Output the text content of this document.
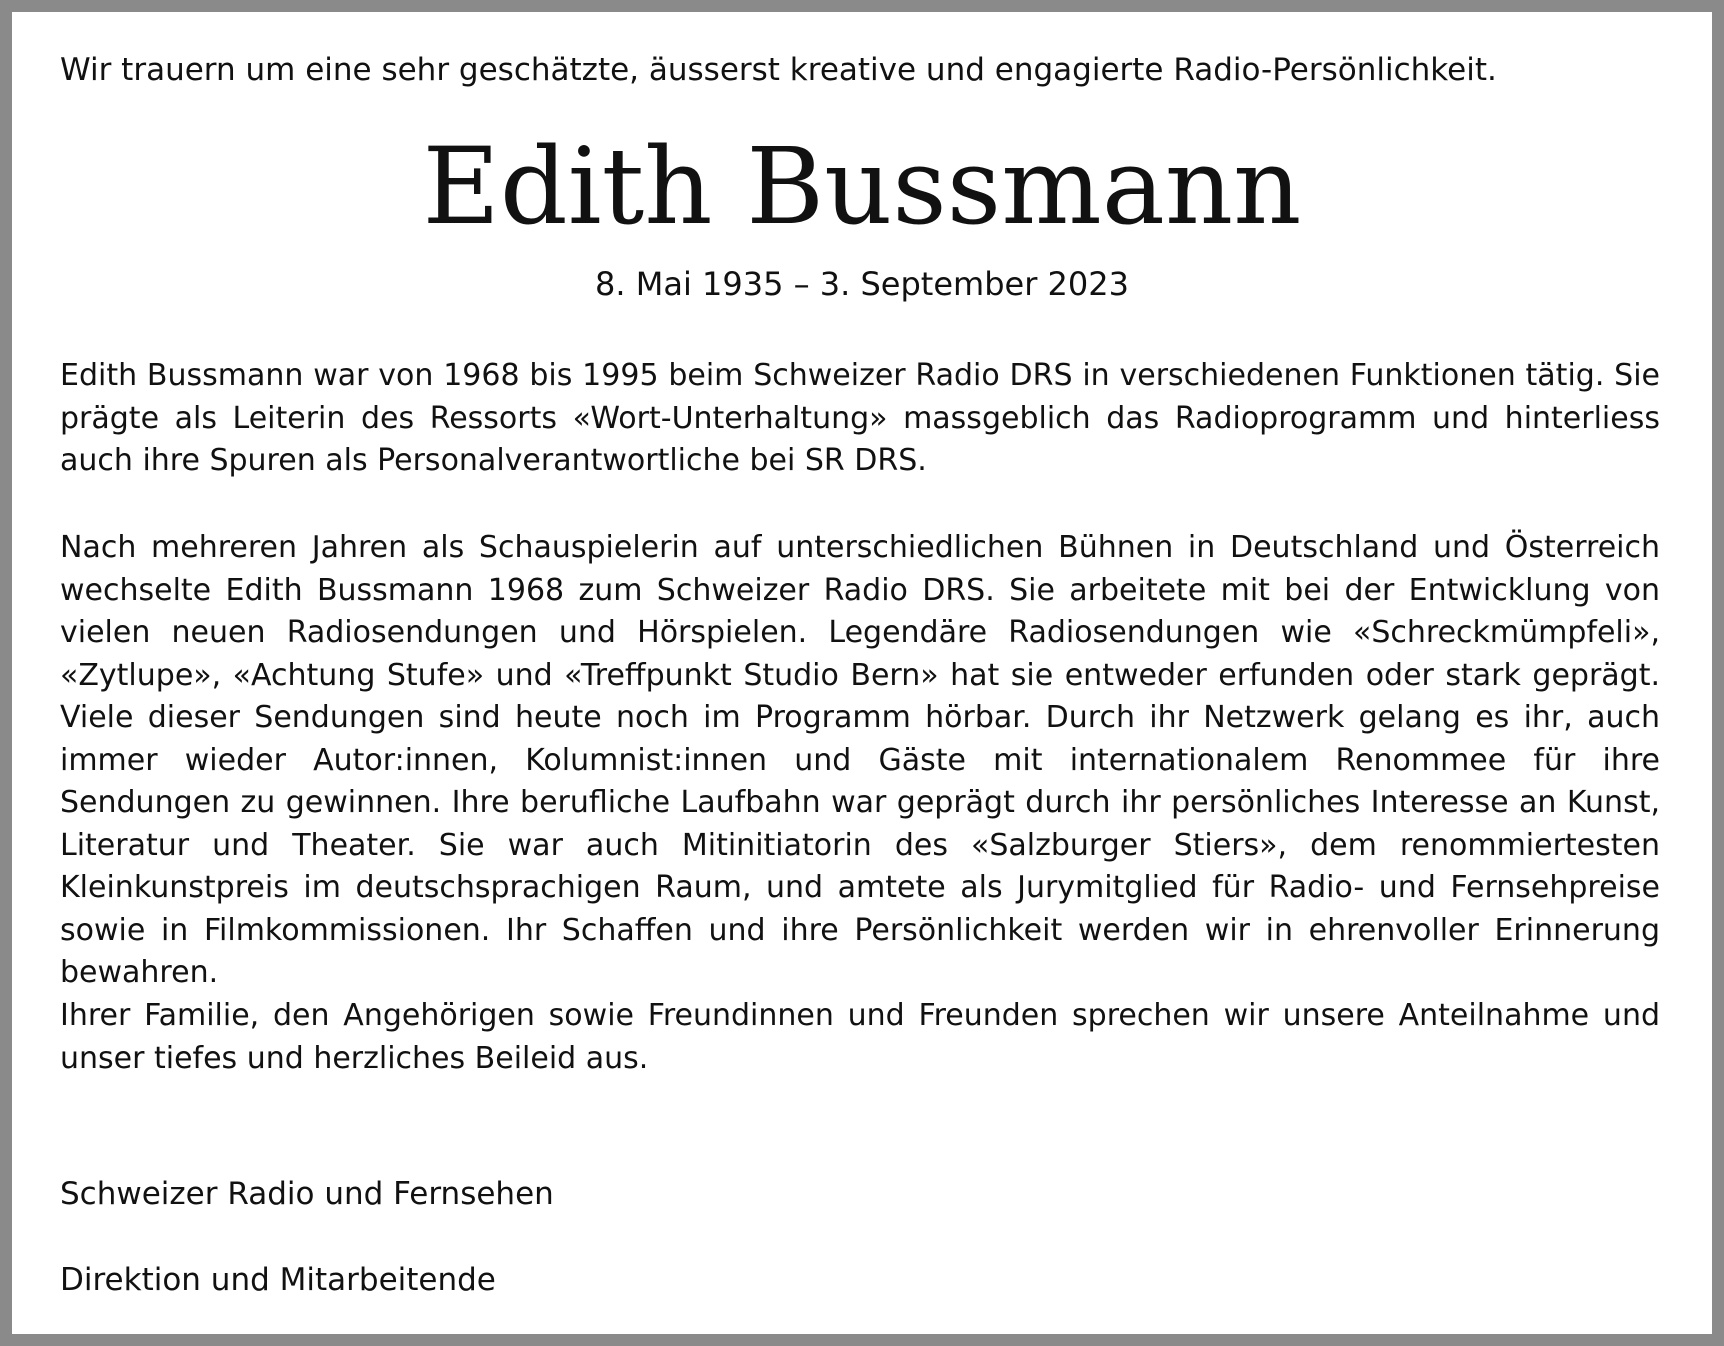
Wir trauern um eine sehr geschätzte, äusserst kreative und engagierte Radio-Persönlichkeit.
Edith Bussmann
8. Mai 1935 – 3. September 2023
Edith Bussmann war von 1968 bis 1995 beim Schweizer Radio DRS in verschiedenen Funktionen tätig. Sie prägte als Leiterin des Ressorts «Wort-Unterhaltung» massgeblich das Radioprogramm und hinterliess auch ihre Spuren als Personalverantwortliche bei SR DRS.
Nach mehreren Jahren als Schauspielerin auf unterschiedlichen Bühnen in Deutschland und Österreich wechselte Edith Bussmann 1968 zum Schweizer Radio DRS. Sie arbeitete mit bei der Entwicklung von vielen neuen Radiosendungen und Hörspielen. Legendäre Radiosendungen wie «Schreckmümpfeli», «Zytlupe», «Achtung Stufe» und «Treffpunkt Studio Bern» hat sie entweder erfunden oder stark geprägt. Viele dieser Sendungen sind heute noch im Programm hörbar. Durch ihr Netzwerk gelang es ihr, auch immer wieder Autor:innen, Kolumnist:innen und Gäste mit internationalem Renommee für ihre Sendungen zu gewinnen. Ihre berufliche Laufbahn war geprägt durch ihr persönliches Interesse an Kunst, Literatur und Theater. Sie war auch Mitinitiatorin des «Salzburger Stiers», dem renommiertesten Kleinkunstpreis im deutschsprachigen Raum, und amtete als Jurymitglied für Radio- und Fernsehpreise sowie in Filmkommissionen. Ihr Schaffen und ihre Persönlichkeit werden wir in ehrenvoller Erinnerung bewahren.
Ihrer Familie, den Angehörigen sowie Freundinnen und Freunden sprechen wir unsere Anteilnahme und unser tiefes und herzliches Beileid aus.
Schweizer Radio und Fernsehen
Direktion und Mitarbeitende
